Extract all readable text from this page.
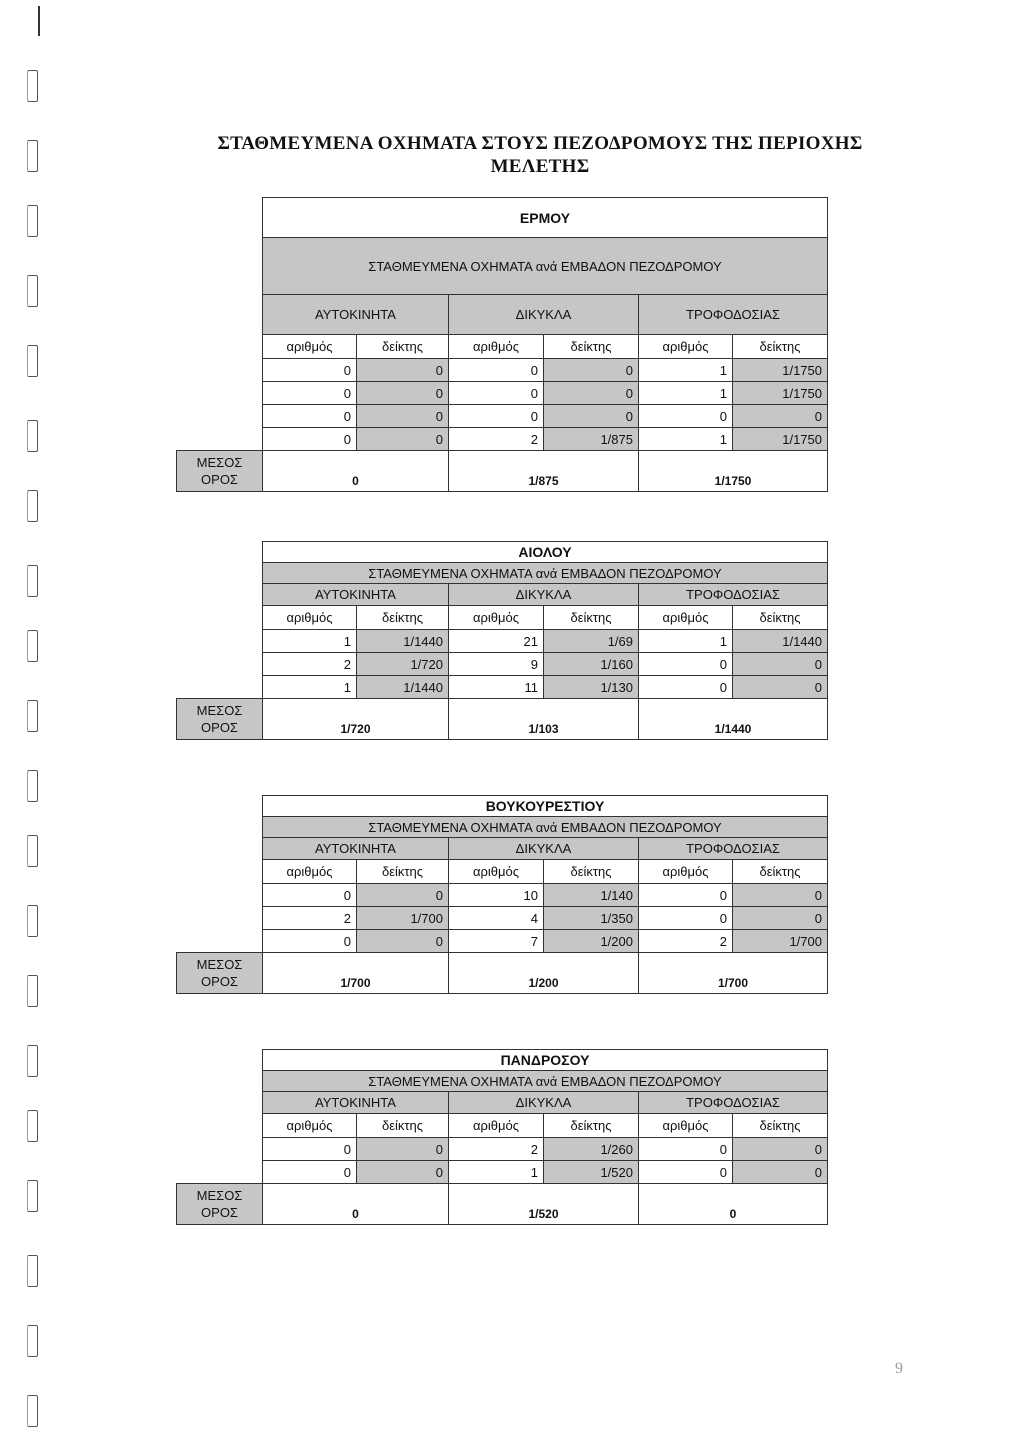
ΣΤΑΘΜΕΥΜΕΝΑ ΟΧΗΜΑΤΑ ΣΤΟΥΣ ΠΕΖΟΔΡΟΜΟΥΣ ΤΗΣ ΠΕΡΙΟΧΗΣ
ΜΕΛΕΤΗΣ
ΕΡΜΟΥ
ΣΤΑΘΜΕΥΜΕΝΑ ΟΧΗΜΑΤΑ ανά ΕΜΒΑΔΟΝ ΠΕΖΟΔΡΟΜΟΥ
ΑΥΤΟΚΙΝΗΤΑ	ΔΙΚΥΚΛΑ	ΤΡΟΦΟΔΟΣΙΑΣ
αριθμός	δείκτης	αριθμός	δείκτης	αριθμός	δείκτης
0	0	0	0	1	1/1750
0	0	0	0	1	1/1750
0	0	0	0	0	0
0	0	2	1/875	1	1/1750
ΜΕΣΟΣ
ΟΡΟΣ	0	1/875	1/1750
ΑΙΟΛΟΥ
ΣΤΑΘΜΕΥΜΕΝΑ ΟΧΗΜΑΤΑ ανά ΕΜΒΑΔΟΝ ΠΕΖΟΔΡΟΜΟΥ
ΑΥΤΟΚΙΝΗΤΑ	ΔΙΚΥΚΛΑ	ΤΡΟΦΟΔΟΣΙΑΣ
αριθμός	δείκτης	αριθμός	δείκτης	αριθμός	δείκτης
1	1/1440	21	1/69	1	1/1440
2	1/720	9	1/160	0	0
1	1/1440	11	1/130	0	0
ΜΕΣΟΣ
ΟΡΟΣ	1/720	1/103	1/1440
ΒΟΥΚΟΥΡΕΣΤΙΟΥ
ΣΤΑΘΜΕΥΜΕΝΑ ΟΧΗΜΑΤΑ ανά ΕΜΒΑΔΟΝ ΠΕΖΟΔΡΟΜΟΥ
ΑΥΤΟΚΙΝΗΤΑ	ΔΙΚΥΚΛΑ	ΤΡΟΦΟΔΟΣΙΑΣ
αριθμός	δείκτης	αριθμός	δείκτης	αριθμός	δείκτης
0	0	10	1/140	0	0
2	1/700	4	1/350	0	0
0	0	7	1/200	2	1/700
ΜΕΣΟΣ
ΟΡΟΣ	1/700	1/200	1/700
ΠΑΝΔΡΟΣΟΥ
ΣΤΑΘΜΕΥΜΕΝΑ ΟΧΗΜΑΤΑ ανά ΕΜΒΑΔΟΝ ΠΕΖΟΔΡΟΜΟΥ
ΑΥΤΟΚΙΝΗΤΑ	ΔΙΚΥΚΛΑ	ΤΡΟΦΟΔΟΣΙΑΣ
αριθμός	δείκτης	αριθμός	δείκτης	αριθμός	δείκτης
0	0	2	1/260	0	0
0	0	1	1/520	0	0
ΜΕΣΟΣ
ΟΡΟΣ	0	1/520	0
9
